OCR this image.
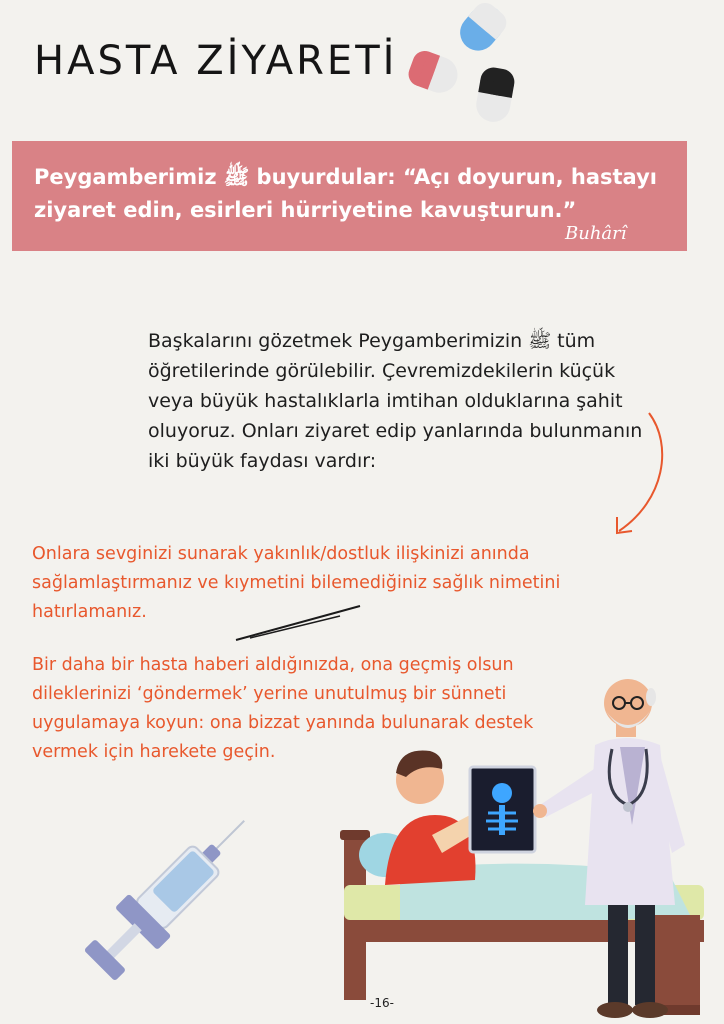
HASTA ZİYARETİ
Peygamberimiz ﷺ buyurdular: “Açı doyurun, hastayı ziyaret edin, esirleri hürriyetine kavuşturun.”
Buhârî
Başkalarını gözetmek Peygamberimizin ﷺ tüm öğretilerinde görülebilir. Çevremizdekilerin küçük veya büyük hastalıklarla imtihan olduklarına şahit oluyoruz. Onları ziyaret edip yanlarında bulunmanın iki büyük faydası vardır:
Onlara sevginizi sunarak yakınlık/dostluk ilişkinizi anında sağlamlaştırmanız ve kıymetini bilemediğiniz sağlık nimetini hatırlamanız.
Bir daha bir hasta haberi aldığınızda, ona geçmiş olsun dileklerinizi ‘göndermek’ yerine unutulmuş bir sünneti uygulamaya koyun: ona bizzat yanında bulunarak destek vermek için harekete geçin.
-16-
